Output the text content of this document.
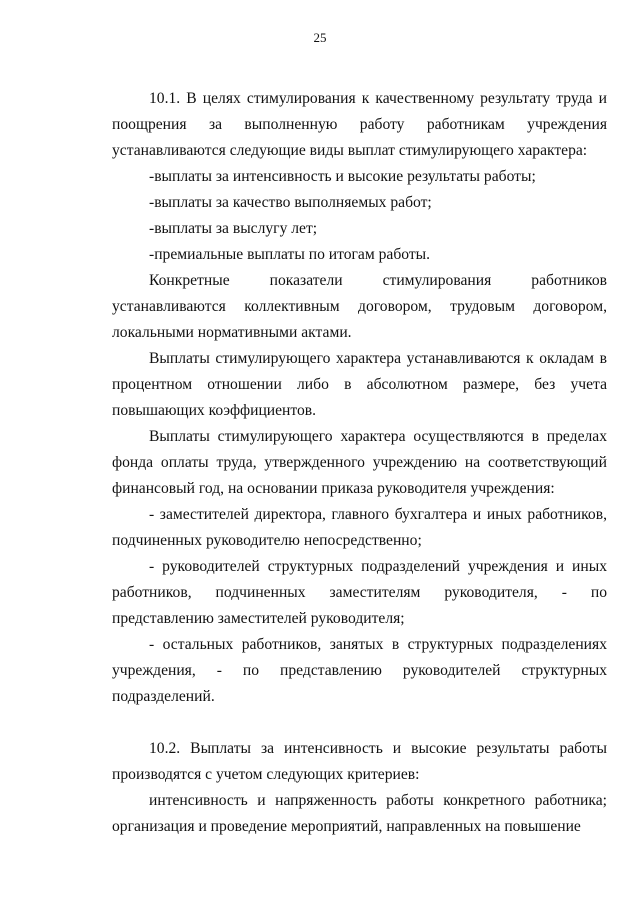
25

10.1. В целях стимулирования к качественному результату труда и поощрения за выполненную работу работникам учреждения устанавливаются следующие виды выплат стимулирующего характера:

-выплаты за интенсивность и высокие результаты работы;

-выплаты за качество выполняемых работ;

-выплаты за выслугу лет;

-премиальные выплаты по итогам работы.

Конкретные показатели стимулирования работников устанавливаются коллективным договором, трудовым договором, локальными нормативными актами.

Выплаты стимулирующего характера устанавливаются к окладам в процентном отношении либо в абсолютном размере, без учета повышающих коэффициентов.

Выплаты стимулирующего характера осуществляются в пределах фонда оплаты труда, утвержденного учреждению на соответствующий финансовый год, на основании приказа руководителя учреждения:

- заместителей директора, главного бухгалтера и иных работников, подчиненных руководителю непосредственно;

- руководителей структурных подразделений учреждения и иных работников, подчиненных заместителям руководителя, - по представлению заместителей руководителя;

- остальных работников, занятых в структурных подразделениях учреждения, - по представлению руководителей структурных подразделений.

10.2. Выплаты за интенсивность и высокие результаты работы производятся с учетом следующих критериев:

интенсивность и напряженность работы конкретного работника; организация и проведение мероприятий, направленных на повышение
